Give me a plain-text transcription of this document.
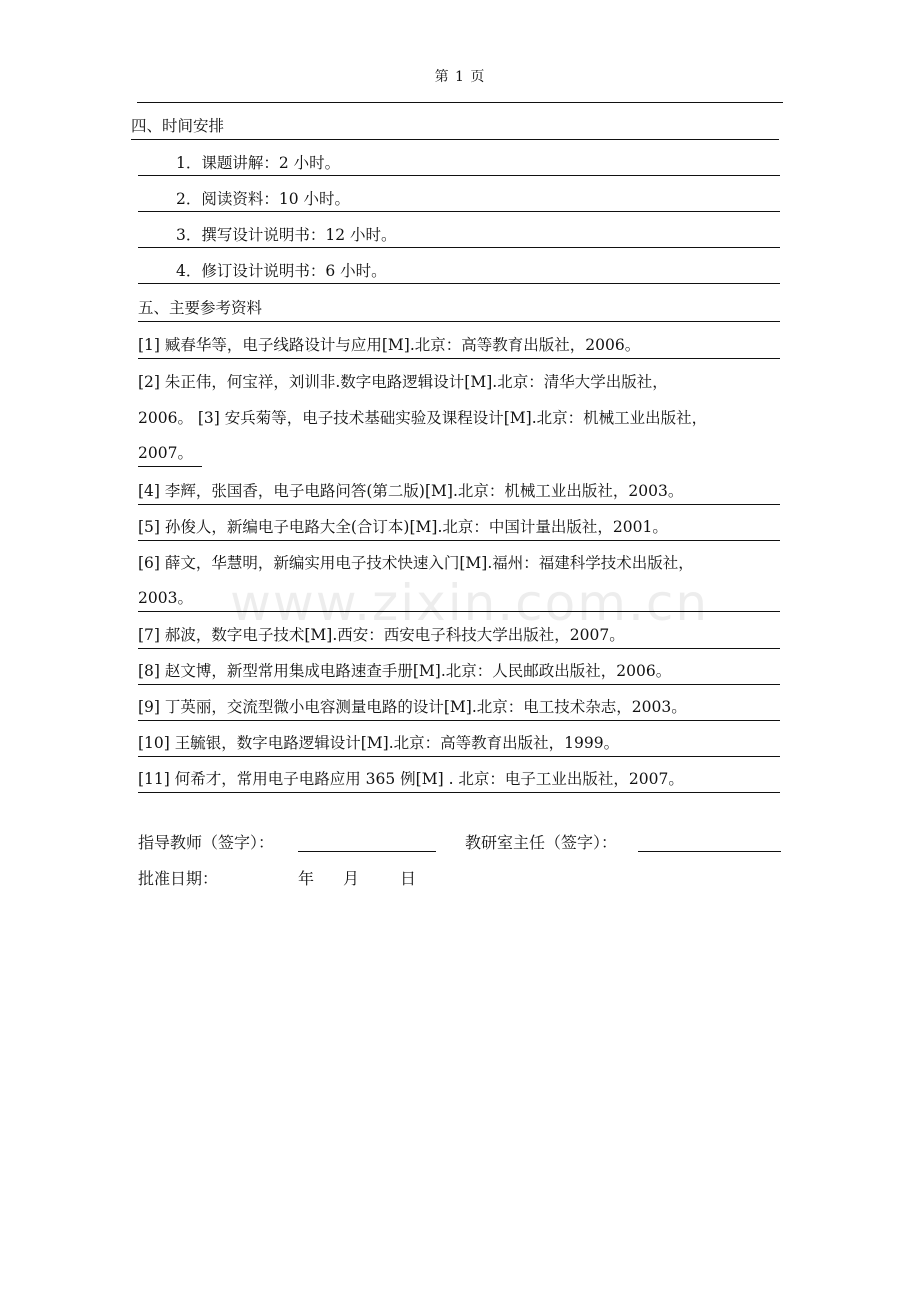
第 1 页
四、时间安排
1．课题讲解：2 小时。
2．阅读资料：10 小时。
3．撰写设计说明书：12 小时。
4．修订设计说明书：6 小时。
五、主要参考资料
[1] 臧春华等，电子线路设计与应用[M].北京：高等教育出版社，2006。
[2] 朱正伟，何宝祥，刘训非.数字电路逻辑设计[M].北京：清华大学出版社，
2006。 [3] 安兵菊等，电子技术基础实验及课程设计[M].北京：机械工业出版社，
2007。
[4] 李辉，张国香，电子电路问答(第二版)[M].北京：机械工业出版社，2003。
[5] 孙俊人，新编电子电路大全(合订本)[M].北京：中国计量出版社，2001。
[6] 薛文，华慧明，新编实用电子技术快速入门[M].福州：福建科学技术出版社，
2003。 www.zixin.com.cn
[7] 郝波，数字电子技术[M].西安：西安电子科技大学出版社，2007。
[8] 赵文博，新型常用集成电路速查手册[M].北京：人民邮政出版社，2006。
[9] 丁英丽，交流型微小电容测量电路的设计[M].北京：电工技术杂志，2003。
[10] 王毓银，数字电路逻辑设计[M].北京：高等教育出版社，1999。
[11] 何希才，常用电子电路应用 365 例[M] . 北京：电子工业出版社，2007。
指导教师（签字）：	教研室主任（签字）：
批准日期：	年 月	日
